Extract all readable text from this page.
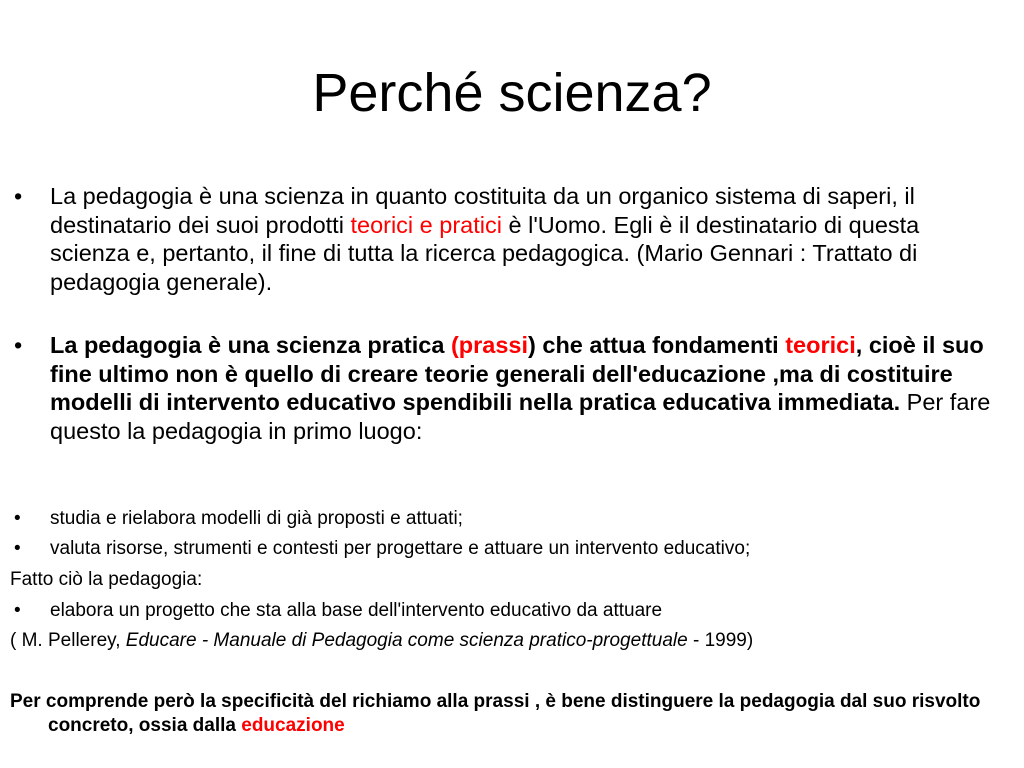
Perché scienza?
•	La pedagogia è una scienza in quanto costituita da un organico sistema di saperi, il destinatario dei suoi prodotti teorici e pratici è l'Uomo. Egli è il destinatario di questa scienza e, pertanto, il fine di tutta la ricerca pedagogica. (Mario Gennari : Trattato di pedagogia generale).
•	La pedagogia è una scienza pratica (prassi) che attua fondamenti teorici, cioè il suo fine ultimo non è quello di creare teorie generali dell'educazione ,ma di costituire modelli di intervento educativo spendibili nella pratica educativa immediata. Per fare questo la pedagogia in primo luogo:
•	studia e rielabora modelli di già proposti e attuati;
•	valuta risorse, strumenti e contesti per progettare e attuare un intervento educativo;

Fatto ciò la pedagogia:

•	elabora un progetto che sta alla base dell'intervento educativo da attuare

( M. Pellerey, Educare - Manuale di Pedagogia come scienza pratico-progettuale - 1999)

Per comprende però la specificità del richiamo alla prassi , è bene distinguere la pedagogia dal suo risvolto concreto, ossia dalla educazione
